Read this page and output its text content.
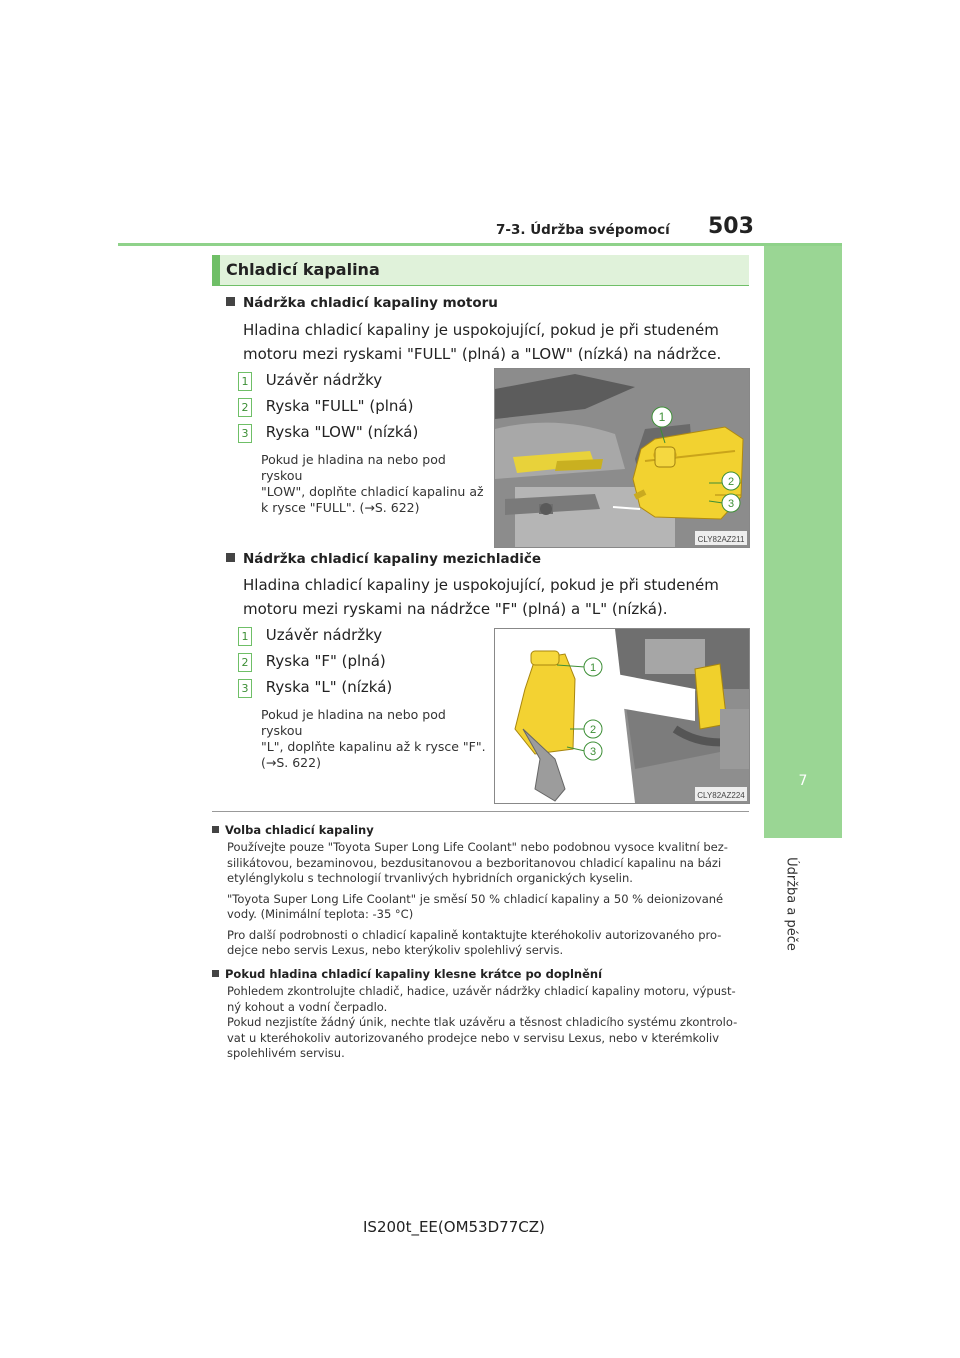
7-3. Údržba svépomocí 503
7
Údržba a péče
Chladicí kapalina
Nádržka chladicí kapaliny motoru
Hladina chladicí kapaliny je uspokojující, pokud je při studeném motoru mezi ryskami "FULL" (plná) a "LOW" (nízká) na nádržce.
1 Uzávěr nádržky
2 Ryska "FULL" (plná)
3 Ryska "LOW" (nízká)
Pokud je hladina na nebo pod ryskou
"LOW", doplňte chladicí kapalinu až
k rysce "FULL". (→S. 622)
1
2
3
CLY82AZ211
Nádržka chladicí kapaliny mezichladiče
Hladina chladicí kapaliny je uspokojující, pokud je při studeném motoru mezi ryskami na nádržce "F" (plná) a "L" (nízká).
1 Uzávěr nádržky
2 Ryska "F" (plná)
3 Ryska "L" (nízká)
Pokud je hladina na nebo pod ryskou
"L", doplňte kapalinu až k rysce "F".
(→S. 622)
1
2
3
CLY82AZ224
Volba chladicí kapaliny
Používejte pouze "Toyota Super Long Life Coolant" nebo podobnou vysoce kvalitní bez-
silikátovou, bezaminovou, bezdusitanovou a bezboritanovou chladicí kapalinu na bázi
etylénglykolu s technologií trvanlivých hybridních organických kyselin.
"Toyota Super Long Life Coolant" je směsí 50 % chladicí kapaliny a 50 % deionizované
vody. (Minimální teplota: -35 °C)
Pro další podrobnosti o chladicí kapalině kontaktujte kteréhokoliv autorizovaného pro-
dejce nebo servis Lexus, nebo kterýkoliv spolehlivý servis.
Pokud hladina chladicí kapaliny klesne krátce po doplnění
Pohledem zkontrolujte chladič, hadice, uzávěr nádržky chladicí kapaliny motoru, výpust-
ný kohout a vodní čerpadlo.
Pokud nezjistíte žádný únik, nechte tlak uzávěru a těsnost chladicího systému zkontrolo-
vat u kteréhokoliv autorizovaného prodejce nebo v servisu Lexus, nebo v kterémkoliv
spolehlivém servisu.
IS200t_EE(OM53D77CZ)
